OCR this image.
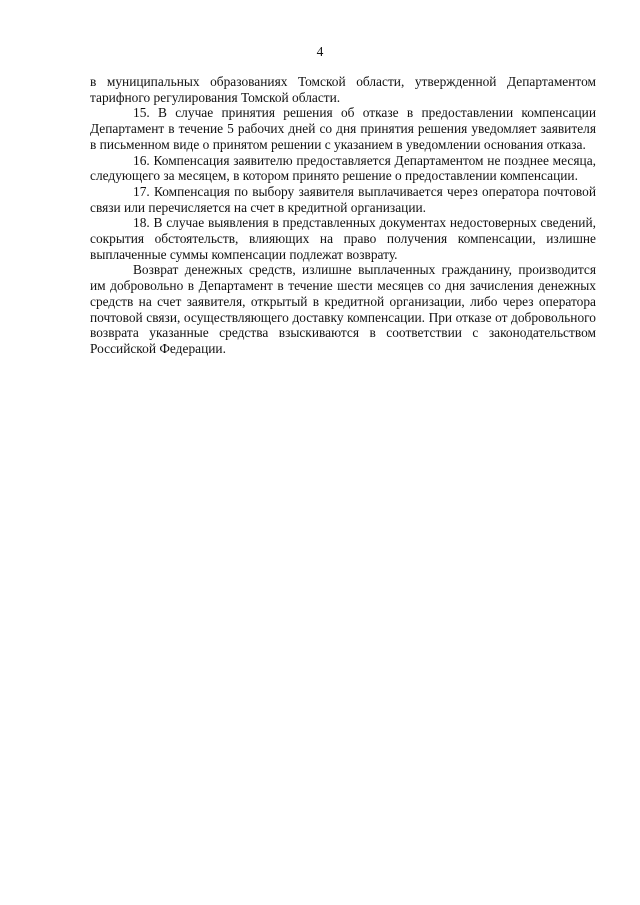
4

в муниципальных образованиях Томской области, утвержденной Департаментом тарифного регулирования Томской области.

15. В случае принятия решения об отказе в предоставлении компенсации Департамент в течение 5 рабочих дней со дня принятия решения уведомляет заявителя в письменном виде о принятом решении с указанием в уведомлении основания отказа.

16. Компенсация заявителю предоставляется Департаментом не позднее месяца, следующего за месяцем, в котором принято решение о предоставлении компенсации.

17. Компенсация по выбору заявителя выплачивается через оператора почтовой связи или перечисляется на счет в кредитной организации.

18. В случае выявления в представленных документах недостоверных сведений, сокрытия обстоятельств, влияющих на право получения компенсации, излишне выплаченные суммы компенсации подлежат возврату.

Возврат денежных средств, излишне выплаченных гражданину, производится им добровольно в Департамент в течение шести месяцев со дня зачисления денежных средств на счет заявителя, открытый в кредитной организации, либо через оператора почтовой связи, осуществляющего доставку компенсации. При отказе от добровольного возврата указанные средства взыскиваются в соответствии с законодательством Российской Федерации.
